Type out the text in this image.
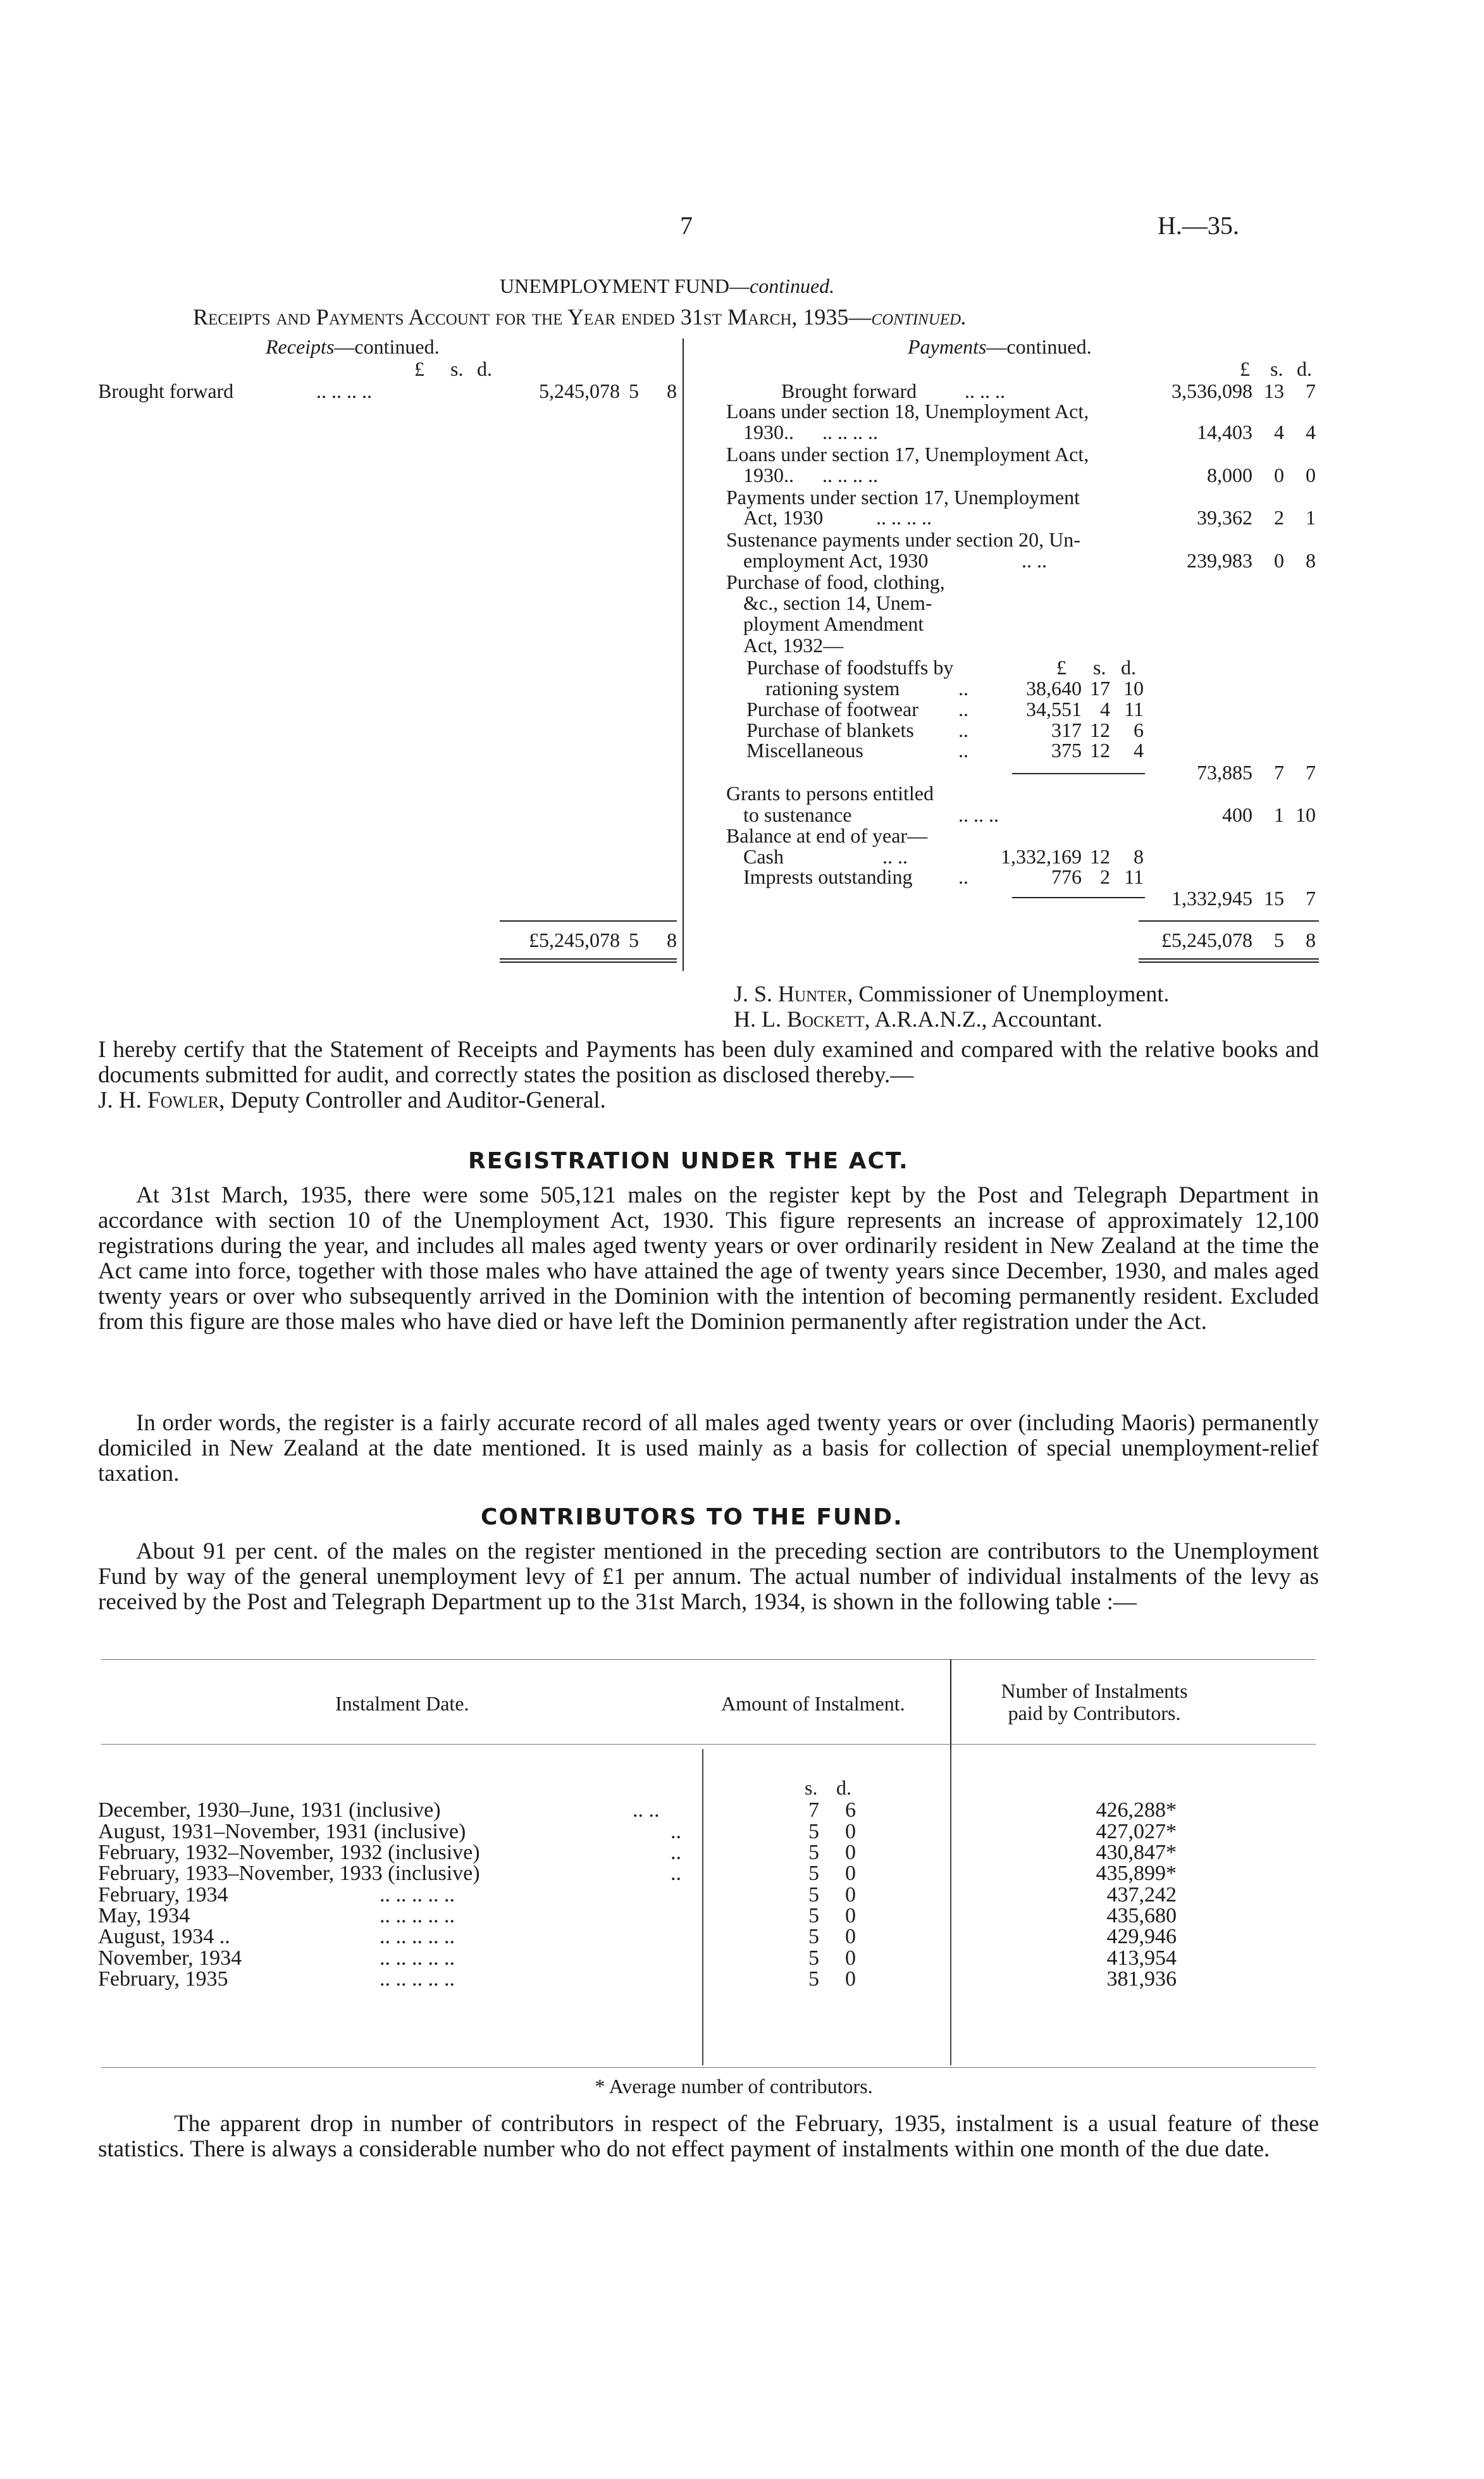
7	H.—35.
UNEMPLOYMENT FUND—continued.
Receipts and Payments Account for the Year ended 31st March, 1935—continued.
Receipts—continued.
£ s. d.
Brought forward	.. .. .. ..	5,245,078 5	8
£5,245,078 5	8
Payments—continued.
£ s. d.
Brought forward .. .. ..	3,536,098 13	7
Loans under section 18, Unemployment Act,
1930.. .. .. .. ..	14,403	4	4
Loans under section 17, Unemployment Act,
1930.. .. .. .. ..	8,000	0	0
Payments under section 17, Unemployment
Act, 1930	.. .. .. ..	39,362	2	1
Sustenance payments under section 20, Un-
employment Act, 1930	.. ..	239,983	0	8
Purchase of food, clothing,
&c., section 14, Unem-
ployment Amendment
Act, 1932—
£ s. d.
Purchase of foodstuffs by
rationing system	..	38,640 17 10
Purchase of footwear ..	34,551 4 11
Purchase of blankets ..	317 12	6
Miscellaneous	..	375 12	4
73,885	7	7
Grants to persons entitled
to sustenance	.. .. ..	400	1 10
Balance at end of year—
Cash	.. ..	1,332,169 12	8
Imprests outstanding ..	776 2 11
1,332,945 15	7
£5,245,078	5	8
J. S. Hunter, Commissioner of Unemployment.
H. L. Bockett, A.R.A.N.Z., Accountant.
I hereby certify that the Statement of Receipts and Payments has been duly examined and compared with the relative books and documents submitted for audit, and correctly states the position as disclosed thereby.—
J. H. Fowler, Deputy Controller and Auditor-General.
REGISTRATION UNDER THE ACT.
At 31st March, 1935, there were some 505,121 males on the register kept by the Post and Telegraph Department in accordance with section 10 of the Unemployment Act, 1930. This figure represents an increase of approximately 12,100 registrations during the year, and includes all males aged twenty years or over ordinarily resident in New Zealand at the time the Act came into force, together with those males who have attained the age of twenty years since December, 1930, and males aged twenty years or over who subsequently arrived in the Dominion with the intention of becoming permanently resident. Excluded from this figure are those males who have died or have left the Dominion permanently after registration under the Act.
In order words, the register is a fairly accurate record of all males aged twenty years or over (including Maoris) permanently domiciled in New Zealand at the date mentioned. It is used mainly as a basis for collection of special unemployment-relief taxation.
CONTRIBUTORS TO THE FUND.
About 91 per cent. of the males on the register mentioned in the preceding section are contributors to the Unemployment Fund by way of the general unemployment levy of £1 per annum. The actual number of individual instalments of the levy as received by the Post and Telegraph Department up to the 31st March, 1934, is shown in the following table :—
Instalment Date.	Amount of Instalment.
Number of Instalments
paid by Contributors.
s. d.
December, 1930–June, 1931 (inclusive)	.. ..	7	6	426,288*
August, 1931–November, 1931 (inclusive)	..	5	0	427,027*
February, 1932–November, 1932 (inclusive)	..	5	0	430,847*
February, 1933–November, 1933 (inclusive)	..	5	0	435,899*
February, 1934	.. .. .. .. ..	5	0	437,242
May, 1934	.. .. .. .. ..	5	0	435,680
August, 1934 ..	.. .. .. .. ..	5	0	429,946
November, 1934	.. .. .. .. ..	5	0	413,954
February, 1935	.. .. .. .. ..	5	0	381,936
* Average number of contributors.
The apparent drop in number of contributors in respect of the February, 1935, instalment is a usual feature of these statistics. There is always a considerable number who do not effect payment of instalments within one month of the due date.
